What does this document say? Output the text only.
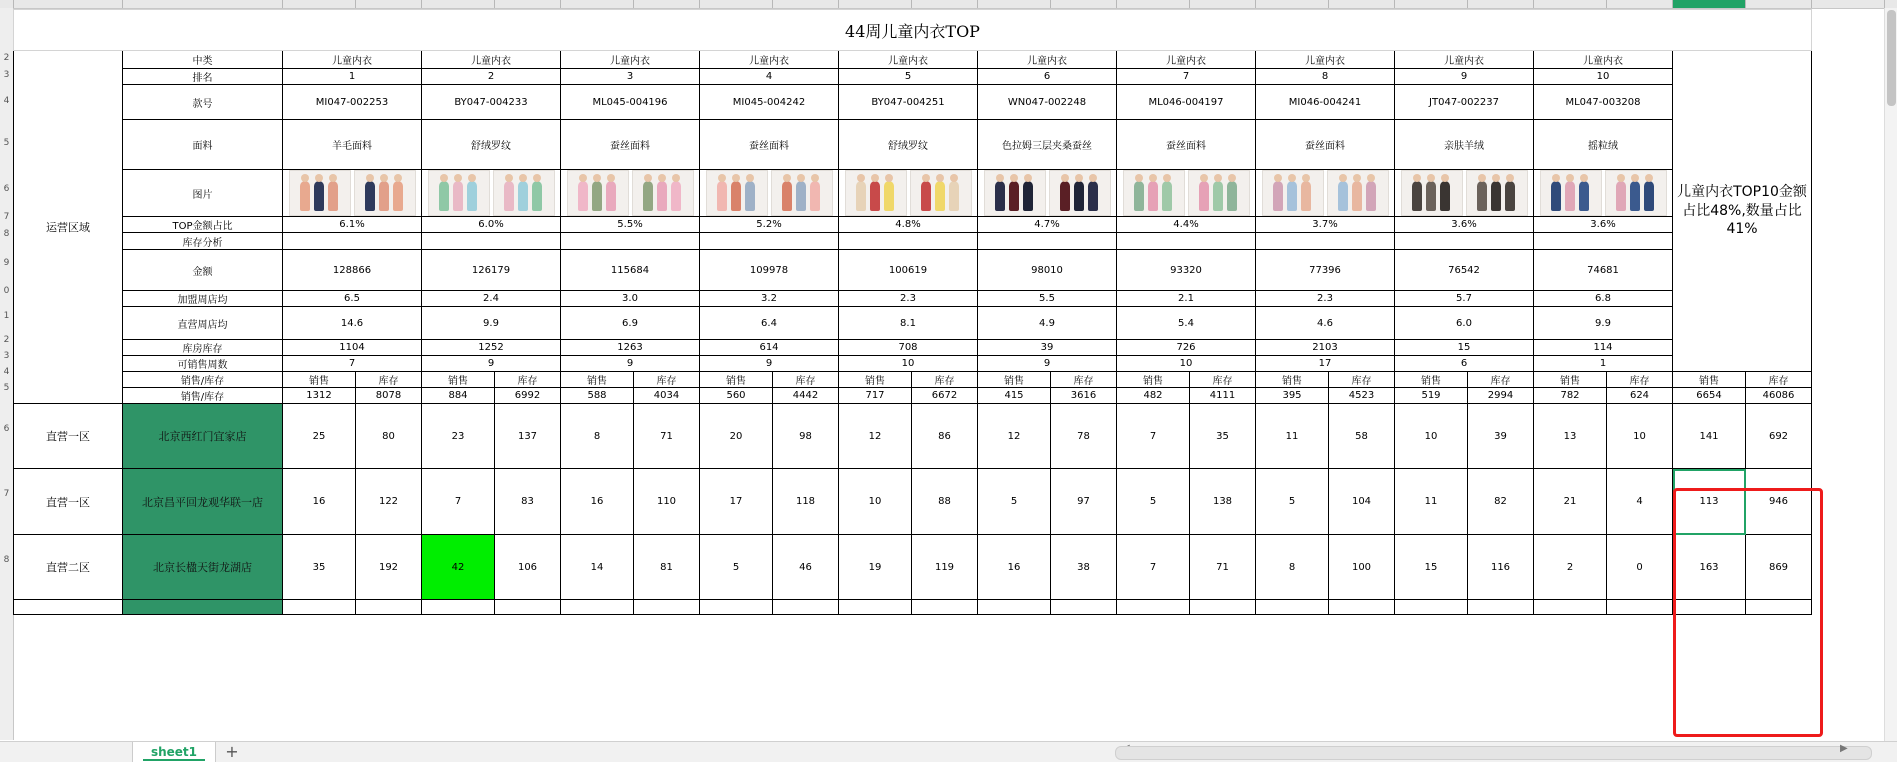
2
3
4
5
6
7
8
9
0
1
2
3
4
5
6
7
8
44周儿童内衣TOP																							
运营区域	中类	儿童内衣		儿童内衣		儿童内衣		儿童内衣		儿童内衣		儿童内衣		儿童内衣		儿童内衣		儿童内衣		儿童内衣		儿童内衣TOP10金额占比48%,数量占比41%	
	排名	1		2		3		4		5		6		7		8		9		10			
	款号	MI047-002253		BY047-004233		ML045-004196		MI045-004242		BY047-004251		WN047-002248		ML046-004197		MI046-004241		JT047-002237		ML047-003208			
	面料	羊毛面料		舒绒罗纹		蚕丝面料		蚕丝面料		舒绒罗纹		色拉姆三层夹桑蚕丝		蚕丝面料		蚕丝面料		亲肤羊绒		摇粒绒			
	图片													

	TOP金额占比	6.1%		6.0%		5.5%		5.2%		4.8%		4.7%		4.4%		3.7%		3.6%		3.6%			
	库存分析																						
	金额	128866		126179		115684		109978		100619		98010		93320		77396		76542		74681			
	加盟周店均	6.5		2.4		3.0		3.2		2.3		5.5		2.1		2.3		5.7		6.8			
	直营周店均	14.6		9.9		6.9		6.4		8.1		4.9		5.4		4.6		6.0		9.9			
	库房库存	1104		1252		1263		614		708		39		726		2103		15		114			
	可销售周数	7		9		9		9		10		9		10		17		6		1			
	销售/库存	销售	库存	销售	库存	销售	库存	销售	库存	销售	库存	销售	库存	销售	库存	销售	库存	销售	库存	销售	库存	销售	库存
	销售/库存	1312	8078	884	6992	588	4034	560	4442	717	6672	415	3616	482	4111	395	4523	519	2994	782	624	6654	46086
直营一区	北京西红门宜家店	25	80	23	137	8	71	20	98	12	86	12	78	7	35	11	58	10	39	13	10	141	692
直营一区	北京昌平回龙观华联一店	16	122	7	83	16	110	17	118	10	88	5	97	5	138	5	104	11	82	21	4	113	946
直营二区	北京长楹天街龙湖店	35	192	42	106	14	81	5	46	19	119	16	38	7	71	8	100	15	116	2	0	163	869

sheet1	+	▶
